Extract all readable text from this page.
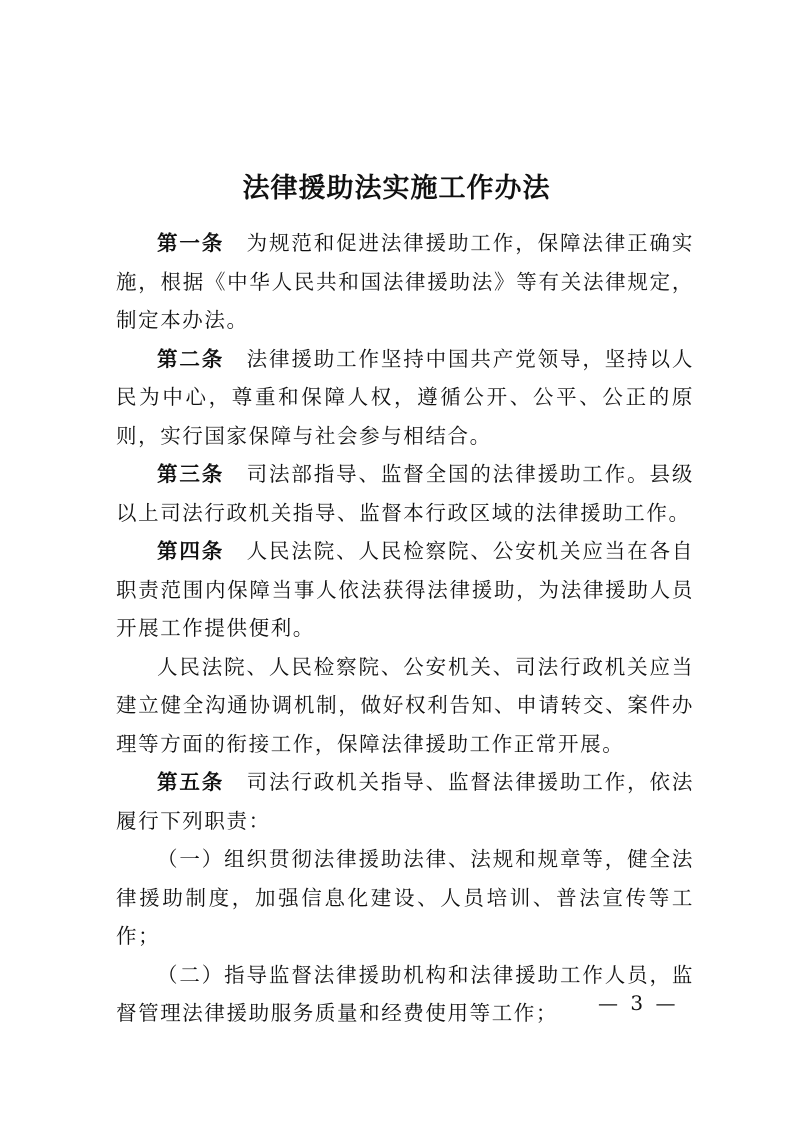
法律援助法实施工作办法

第一条　 为规范和促进法律援助工作，保障法律正确实施，根据《中华人民共和国法律援助法》等有关法律规定，制定本办法。

第二条　 法律援助工作坚持中国共产党领导，坚持以人民为中心，尊重和保障人权，遵循公开、公平、公正的原则，实行国家保障与社会参与相结合。

第三条　 司法部指导、监督全国的法律援助工作。县级以上司法行政机关指导、监督本行政区域的法律援助工作。

第四条　 人民法院、人民检察院、公安机关应当在各自职责范围内保障当事人依法获得法律援助，为法律援助人员开展工作提供便利。

人民法院、人民检察院、公安机关、司法行政机关应当建立健全沟通协调机制，做好权利告知、申请转交、案件办理等方面的衔接工作，保障法律援助工作正常开展。

第五条　 司法行政机关指导、监督法律援助工作，依法履行下列职责：

（一）组织贯彻法律援助法律、法规和规章等，健全法律援助制度，加强信息化建设、人员培训、普法宣传等工作；

（二）指导监督法律援助机构和法律援助工作人员，监督管理法律援助服务质量和经费使用等工作；	— 3 —
